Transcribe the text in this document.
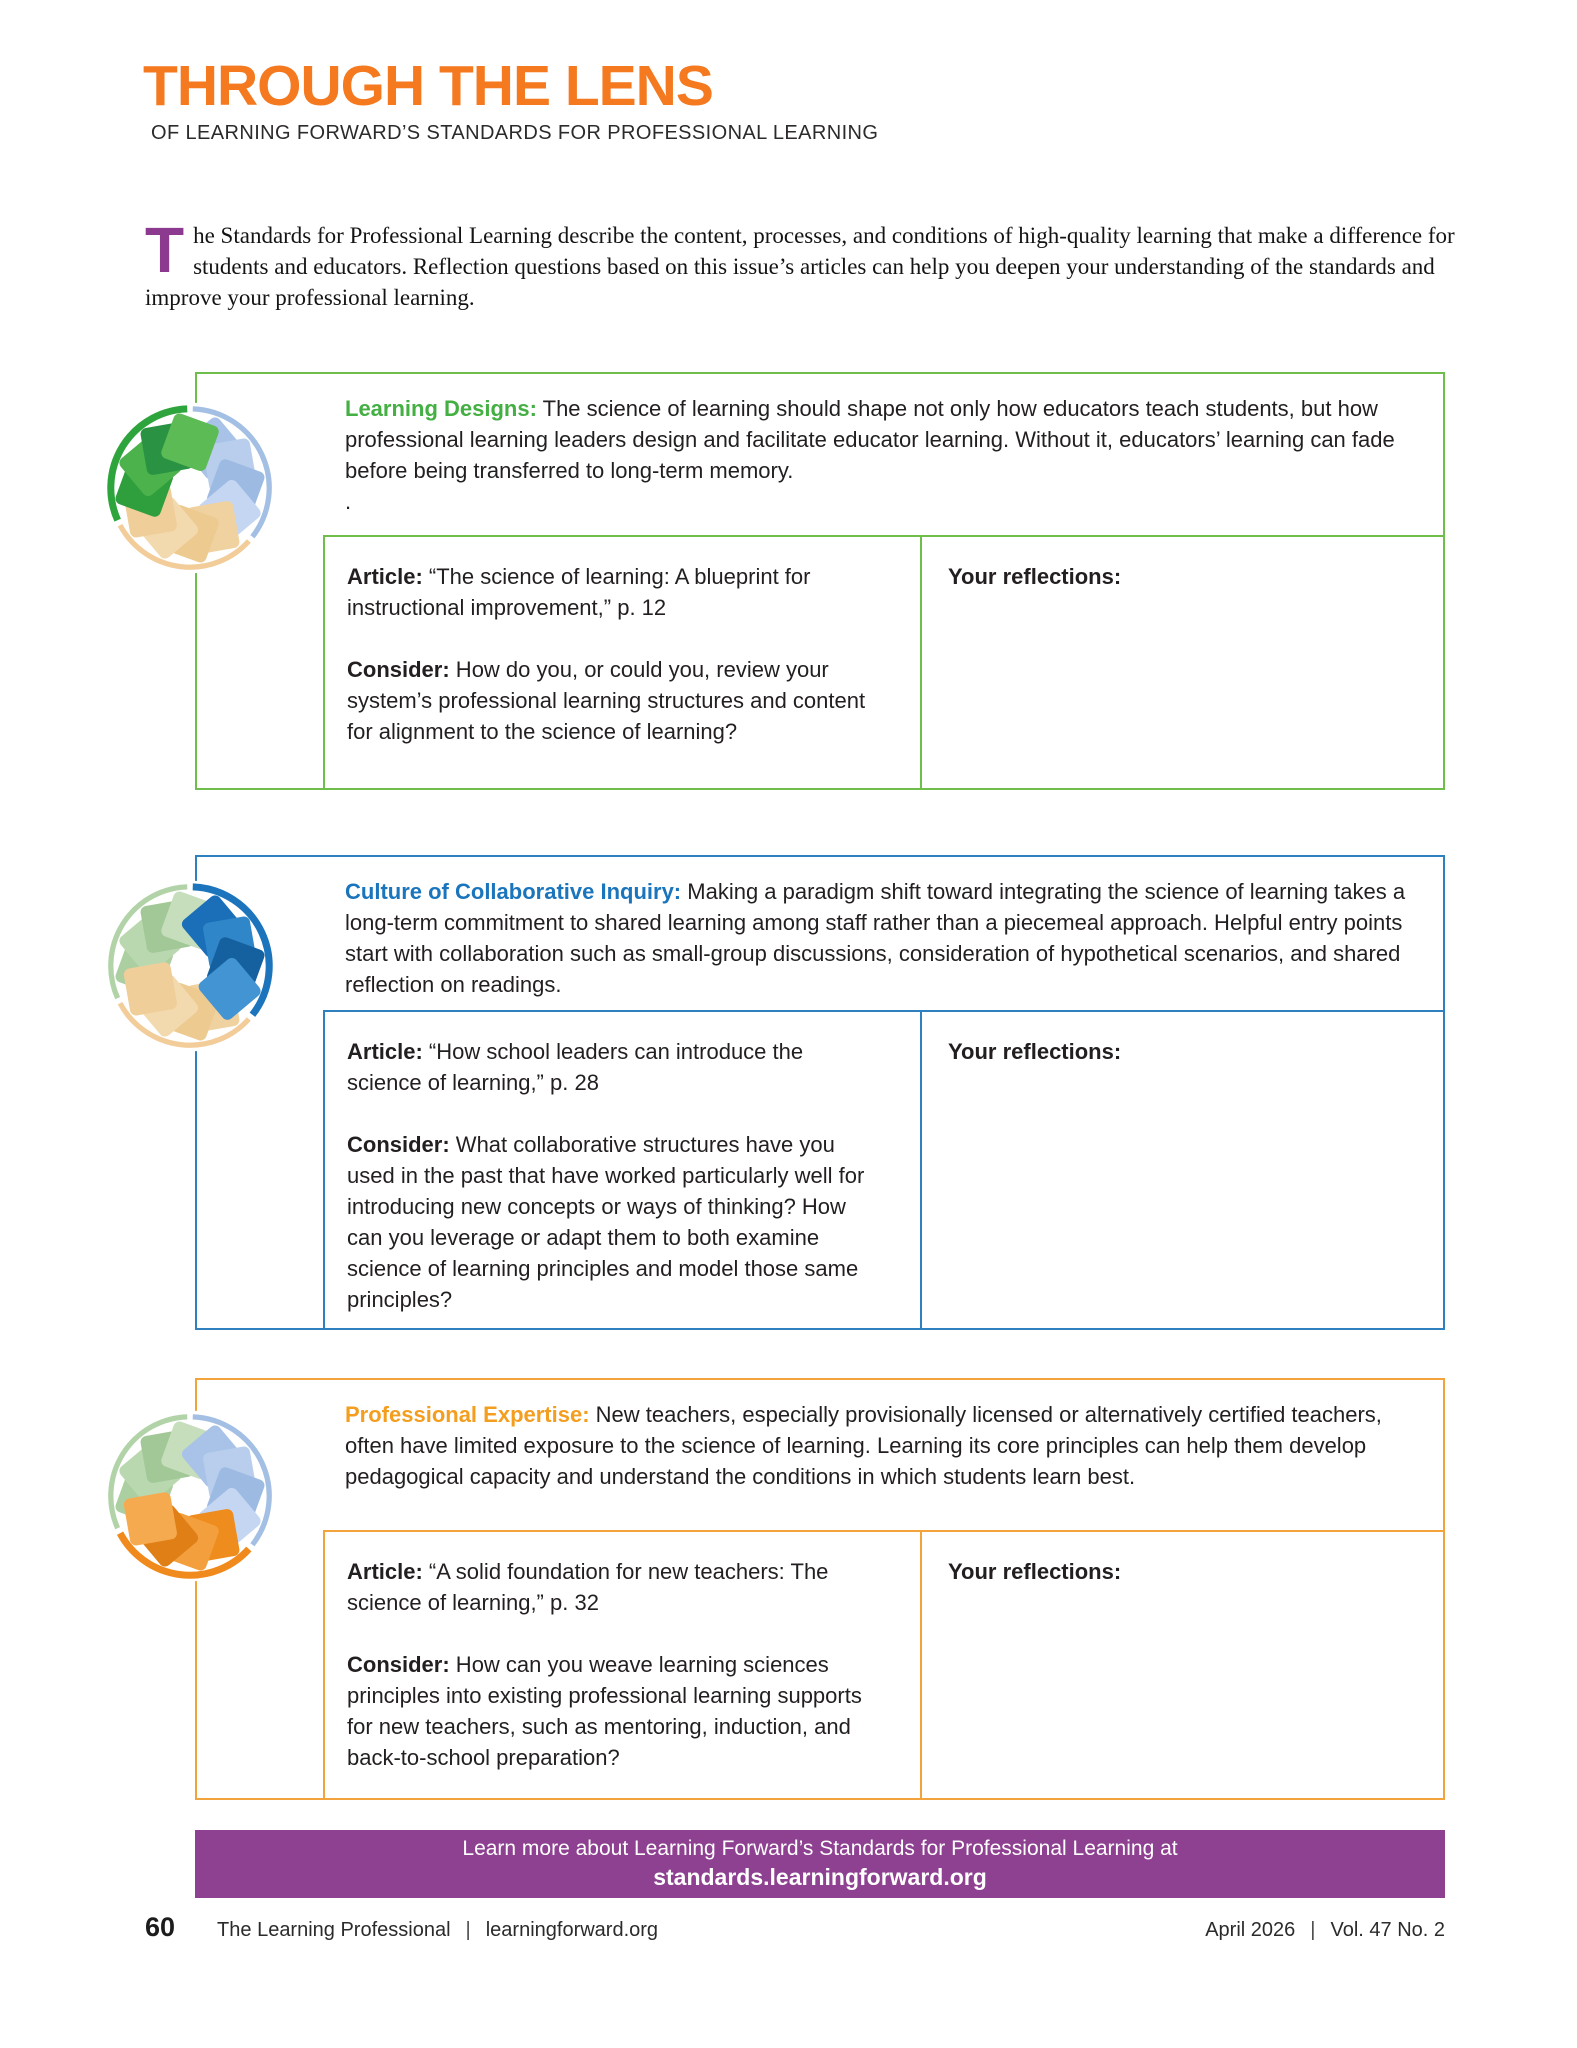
THROUGH THE LENS
OF LEARNING FORWARD’S STANDARDS FOR PROFESSIONAL LEARNING
The Standards for Professional Learning describe the content, processes, and conditions of high-quality learning that make a difference for students and educators. Reflection questions based on this issue’s articles can help you deepen your understanding of the standards and improve your professional learning.
Learning Designs: The science of learning should shape not only how educators teach students, but how professional learning leaders design and facilitate educator learning. Without it, educators’ learning can fade before being transferred to long-term memory.
.

Article: “The science of learning: A blueprint for instructional improvement,” p. 12

Consider: How do you, or could you, review your system’s professional learning structures and content for alignment to the science of learning?

Your reflections:
Culture of Collaborative Inquiry: Making a paradigm shift toward integrating the science of learning takes a long-term commitment to shared learning among staff rather than a piecemeal approach. Helpful entry points start with collaboration such as small-group discussions, consideration of hypothetical scenarios, and shared reflection on readings.

Article: “How school leaders can introduce the science of learning,” p. 28

Consider: What collaborative structures have you used in the past that have worked particularly well for introducing new concepts or ways of thinking? How can you leverage or adapt them to both examine science of learning principles and model those same principles?

Your reflections:
Professional Expertise: New teachers, especially provisionally licensed or alternatively certified teachers, often have limited exposure to the science of learning. Learning its core principles can help them develop pedagogical capacity and understand the conditions in which students learn best.

Article: “A solid foundation for new teachers: The science of learning,” p. 32

Consider: How can you weave learning sciences principles into existing professional learning supports for new teachers, such as mentoring, induction, and back-to-school preparation?

Your reflections:
Learn more about Learning Forward’s Standards for Professional Learning at
standards.learningforward.org
60 The Learning Professional | learningforward.org	April 2026 | Vol. 47 No. 2
